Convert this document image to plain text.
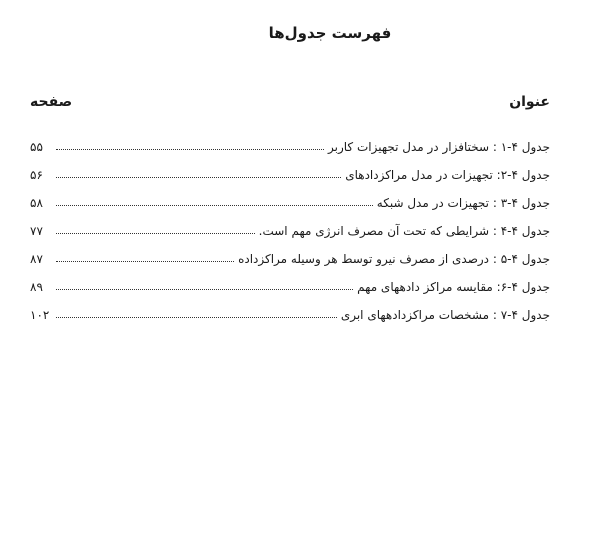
فهرست جدول‌ها
عنوان
صفحه
جدول ۴-۱ : سختافزار در مدل تجهیزات کاربر
۵۵
جدول ۴-۲: تجهیزات در مدل مراکزدادهای
۵۶
جدول ۴-۳ : تجهیزات در مدل شبکه
۵۸
جدول ۴-۴ : شرایطی که تحت آن مصرف انرژی مهم است.
۷۷
جدول ۴-۵ : درصدی از مصرف نیرو توسط هر وسیله مراکزداده
۸۷
جدول ۴-۶: مقایسه مراکز دادههای مهم
۸۹
جدول ۴-۷ : مشخصات مراکزدادههای ابری
۱۰۲
